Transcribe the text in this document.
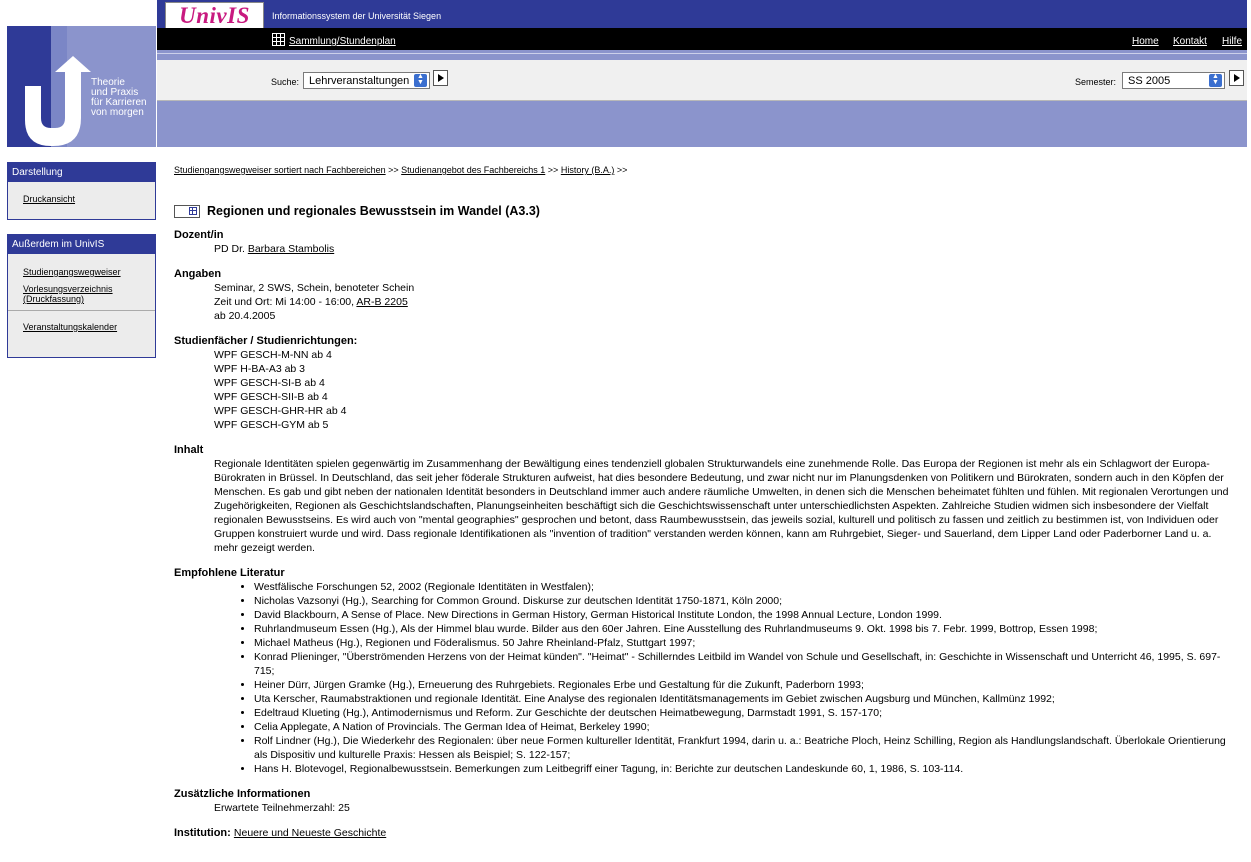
UnivIS	Informationssystem der Universität Siegen
Theorie
und Praxis
für Karrieren
von morgen
Sammlung/Stundenplan	Home Kontakt Hilfe
Suche: Lehrveranstaltungen	▲
▼	Semester:	SS 2005	▲
▼
Darstellung
Druckansicht
Außerdem im UnivIS
Studiengangswegweiser
Vorlesungsverzeichnis (Druckfassung)
Veranstaltungskalender
Studiengangswegweiser sortiert nach Fachbereichen >> Studienangebot des Fachbereichs 1 >> History (B.A.) >>
Regionen und regionales Bewusstsein im Wandel (A3.3)
Dozent/in
PD Dr. Barbara Stambolis
Angaben
Seminar, 2 SWS, Schein, benoteter Schein
Zeit und Ort: Mi 14:00 - 16:00, AR-B 2205
ab 20.4.2005
Studienfächer / Studienrichtungen:
WPF GESCH-M-NN ab 4
WPF H-BA-A3 ab 3
WPF GESCH-SI-B ab 4
WPF GESCH-SII-B ab 4
WPF GESCH-GHR-HR ab 4
WPF GESCH-GYM ab 5
Inhalt
Regionale Identitäten spielen gegenwärtig im Zusammenhang der Bewältigung eines tendenziell globalen Strukturwandels eine zunehmende Rolle. Das Europa der Regionen ist mehr als ein Schlagwort der Europa-Bürokraten in Brüssel. In Deutschland, das seit jeher föderale Strukturen aufweist, hat dies besondere Bedeutung, und zwar nicht nur im Planungsdenken von Politikern und Bürokraten, sondern auch in den Köpfen der Menschen. Es gab und gibt neben der nationalen Identität besonders in Deutschland immer auch andere räumliche Umwelten, in denen sich die Menschen beheimatet fühlten und fühlen. Mit regionalen Verortungen und Zugehörigkeiten, Regionen als Geschichtslandschaften, Planungseinheiten beschäftigt sich die Geschichtswissenschaft unter unterschiedlichsten Aspekten. Zahlreiche Studien widmen sich insbesondere der Vielfalt regionalen Bewusstseins. Es wird auch von "mental geographies" gesprochen und betont, dass Raumbewusstsein, das jeweils sozial, kulturell und politisch zu fassen und zeitlich zu bestimmen ist, von Individuen oder Gruppen konstruiert wurde und wird. Dass regionale Identifikationen als "invention of tradition" verstanden werden können, kann am Ruhrgebiet, Sieger- und Sauerland, dem Lipper Land oder Paderborner Land u. a. mehr gezeigt werden.
Empfohlene Literatur
• Westfälische Forschungen 52, 2002 (Regionale Identitäten in Westfalen);
• Nicholas Vazsonyi (Hg.), Searching for Common Ground. Diskurse zur deutschen Identität 1750-1871, Köln 2000;
• David Blackbourn, A Sense of Place. New Directions in German History, German Historical Institute London, the 1998 Annual Lecture, London 1999.
• Ruhrlandmuseum Essen (Hg.), Als der Himmel blau wurde. Bilder aus den 60er Jahren. Eine Ausstellung des Ruhrlandmuseums 9. Okt. 1998 bis 7. Febr. 1999, Bottrop, Essen 1998;
• Michael Matheus (Hg.), Regionen und Föderalismus. 50 Jahre Rheinland-Pfalz, Stuttgart 1997;
• Konrad Plieninger, "Überströmenden Herzens von der Heimat künden". "Heimat" - Schillerndes Leitbild im Wandel von Schule und Gesellschaft, in: Geschichte in Wissenschaft und Unterricht 46, 1995, S. 697-715;
• Heiner Dürr, Jürgen Gramke (Hg.), Erneuerung des Ruhrgebiets. Regionales Erbe und Gestaltung für die Zukunft, Paderborn 1993;
• Uta Kerscher, Raumabstraktionen und regionale Identität. Eine Analyse des regionalen Identitätsmanagements im Gebiet zwischen Augsburg und München, Kallmünz 1992;
• Edeltraud Klueting (Hg.), Antimodernismus und Reform. Zur Geschichte der deutschen Heimatbewegung, Darmstadt 1991, S. 157-170;
• Celia Applegate, A Nation of Provincials. The German Idea of Heimat, Berkeley 1990;
• Rolf Lindner (Hg.), Die Wiederkehr des Regionalen: über neue Formen kultureller Identität, Frankfurt 1994, darin u. a.: Beatriche Ploch, Heinz Schilling, Region als Handlungslandschaft. Überlokale Orientierung als Dispositiv und kulturelle Praxis: Hessen als Beispiel; S. 122-157;
• Hans H. Blotevogel, Regionalbewusstsein. Bemerkungen zum Leitbegriff einer Tagung, in: Berichte zur deutschen Landeskunde 60, 1, 1986, S. 103-114.
Zusätzliche Informationen
Erwartete Teilnehmerzahl: 25
Institution: Neuere und Neueste Geschichte
